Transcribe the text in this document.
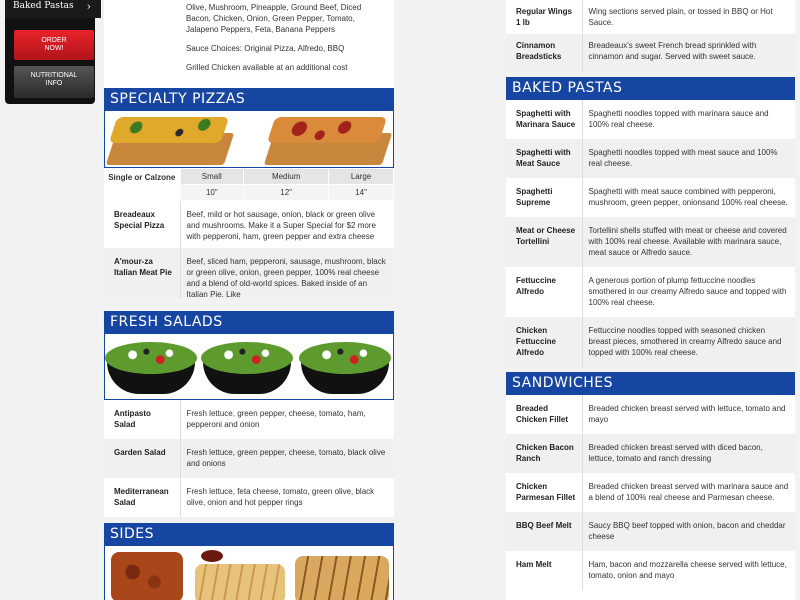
Baked Pastas ›
ORDER
NOW!
NUTRITIONAL
INFO
Olive, Mushroom, Pineapple, Ground Beef, Diced Bacon, Chicken, Onion, Green Pepper, Tomato, Jalapeno Peppers, Feta, Banana Peppers
Sauce Choices: Original Pizza, Alfredo, BBQ
Grilled Chicken available at an additional cost
SPECIALTY PIZZAS
Single or Calzone	Small	Medium	Large
	10"	12"	14"
Breadeaux Special Pizza	Beef, mild or hot sausage, onion, black or green olive and mushrooms. Make it a Super Special for $2 more with pepperoni, ham, green pepper and extra cheese
A'mour-za Italian Meat Pie	Beef, sliced ham, pepperoni, sausage, mushroom, black or green olive, onion, green pepper, 100% real cheese and a blend of old-world spices. Baked inside of an Italian Pie. Like
FRESH SALADS
Antipasto Salad	Fresh lettuce, green pepper, cheese, tomato, ham, pepperoni and onion
Garden Salad	Fresh lettuce, green pepper, cheese, tomato, black olive and onions
Mediterranean Salad	Fresh lettuce, feta cheese, tomato, green olive, black olive, onion and hot pepper rings
SIDES
Regular Wings 1 lb	Wing sections served plain, or tossed in BBQ or Hot Sauce.
Cinnamon Breadsticks	Breadeaux's sweet French bread sprinkled with cinnamon and sugar. Served with sweet sauce.
BAKED PASTAS
Spaghetti with Marinara Sauce	Spaghetti noodles topped with marinara sauce and 100% real cheese.
Spaghetti with Meat Sauce	Spaghetti noodles topped with meat sauce and 100% real cheese.
Spaghetti Supreme	Spaghetti with meat sauce combined with pepperoni, mushroom, green pepper, onionsand 100% real cheese.
Meat or Cheese Tortellini	Tortellini shells stuffed with meat or cheese and covered with 100% real cheese. Available with marinara sauce, meat sauce or Alfredo sauce.
Fettuccine Alfredo	A generous portion of plump fettuccine noodles smothered in our creamy Alfredo sauce and topped with 100% real cheese.
Chicken Fettuccine Alfredo	Fettuccine noodles topped with seasoned chicken breast pieces, smothered in creamy Alfredo sauce and topped with 100% real cheese.
SANDWICHES
Breaded Chicken Fillet	Breaded chicken breast served with lettuce, tomato and mayo
Chicken Bacon Ranch	Breaded chicken breast served with diced bacon, lettuce, tomato and ranch dressing
Chicken Parmesan Fillet	Breaded chicken breast served with marinara sauce and a blend of 100% real cheese and Parmesan cheese.
BBQ Beef Melt	Saucy BBQ beef topped with onion, bacon and cheddar cheese
Ham Melt	Ham, bacon and mozzarella cheese served with lettuce, tomato, onion and mayo
